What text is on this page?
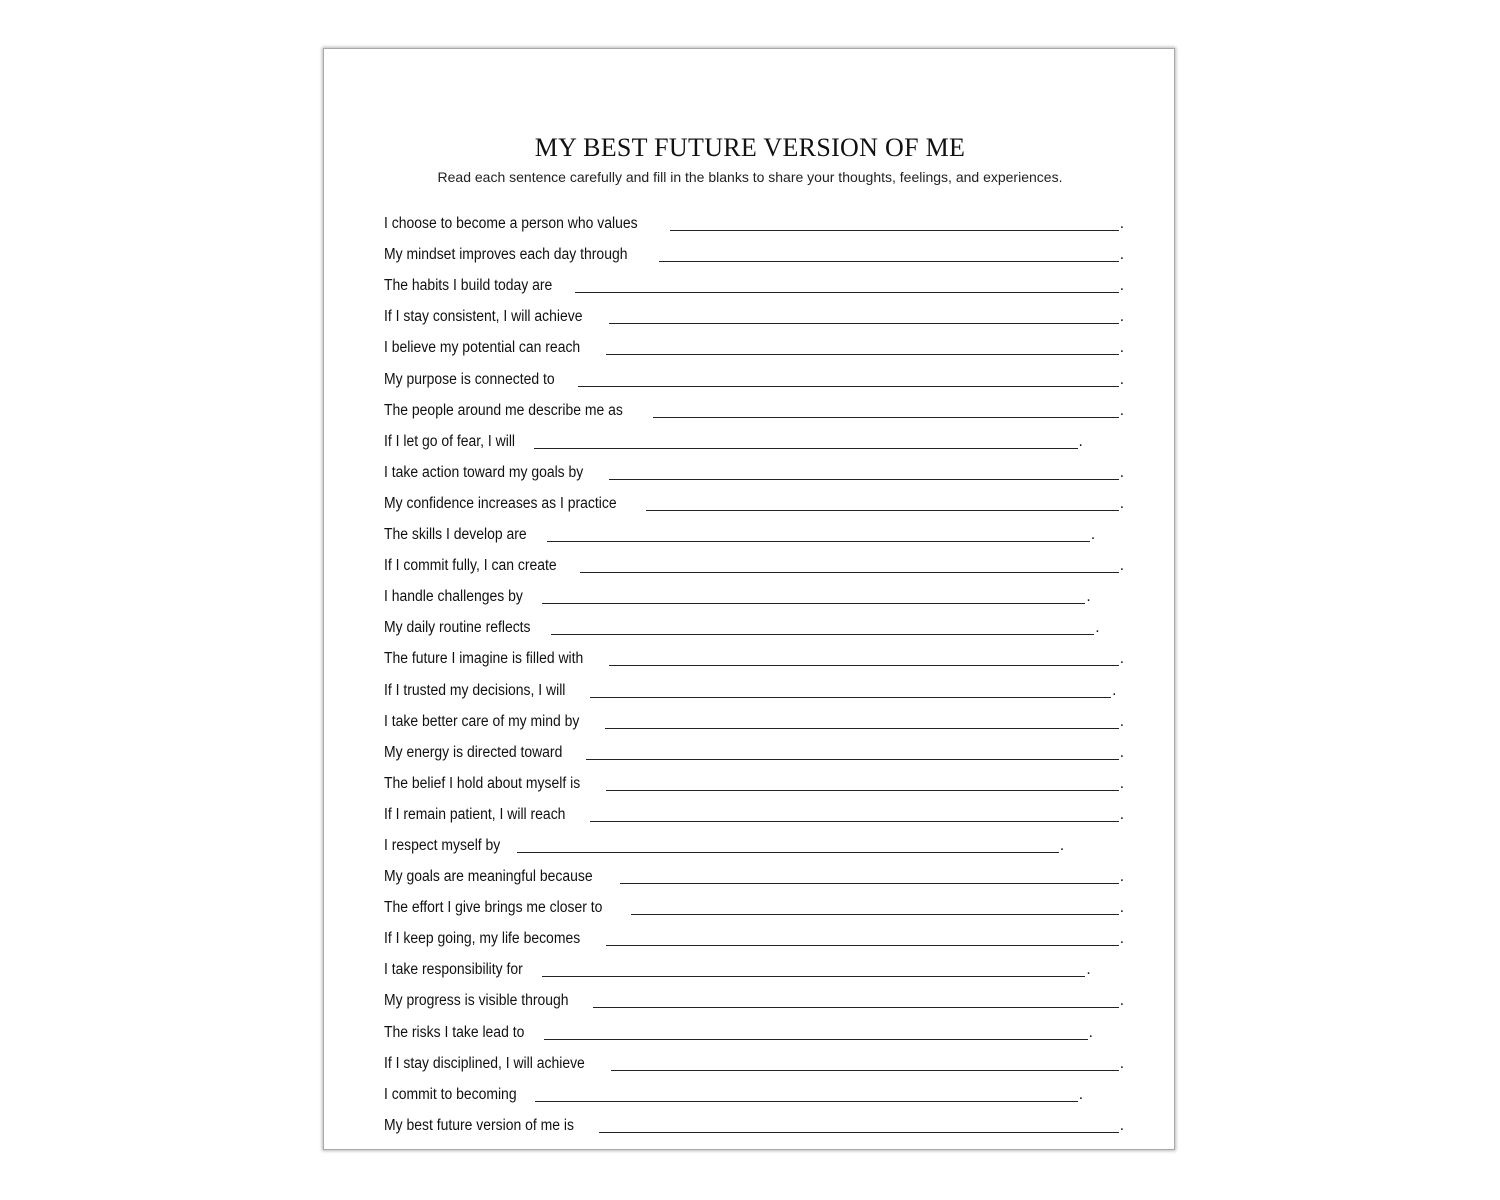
MY BEST FUTURE VERSION OF ME

Read each sentence carefully and fill in the blanks to share your thoughts, feelings, and experiences.

I choose to become a person who values	.
My mindset improves each day through	.
The habits I build today are	.
If I stay consistent, I will achieve	.
I believe my potential can reach	.
My purpose is connected to	.
The people around me describe me as	.
If I let go of fear, I will	.
I take action toward my goals by	.
My confidence increases as I practice	.
The skills I develop are	.
If I commit fully, I can create	.
I handle challenges by	.
My daily routine reflects	.
The future I imagine is filled with	.
If I trusted my decisions, I will	.
I take better care of my mind by	.
My energy is directed toward	.
The belief I hold about myself is	.
If I remain patient, I will reach	.
I respect myself by	.
My goals are meaningful because	.
The effort I give brings me closer to	.
If I keep going, my life becomes	.
I take responsibility for	.
My progress is visible through	.
The risks I take lead to	.
If I stay disciplined, I will achieve	.
I commit to becoming	.
My best future version of me is	.
